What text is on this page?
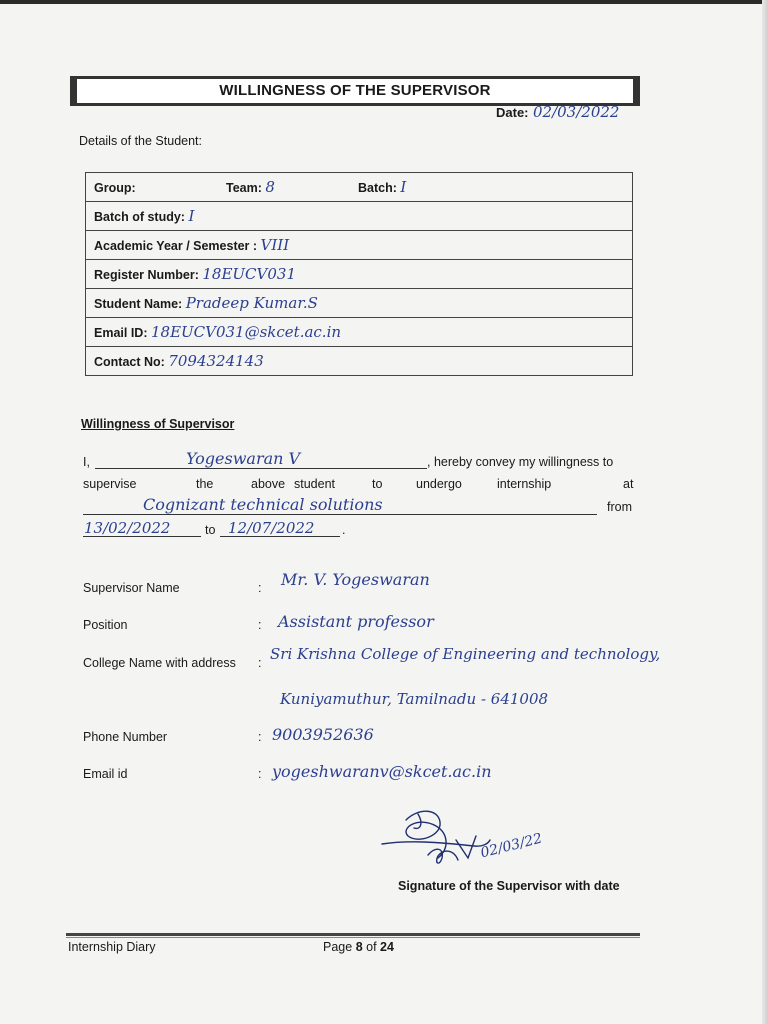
WILLINGNESS OF THE SUPERVISOR
Date: 02/03/2022
Details of the Student:
Group:	Team: 8	Batch: I

Batch of study: I
Academic Year / Semester : VIII
Register Number: 18EUCV031
Student Name: Pradeep Kumar.S
Email ID: 18EUCV031@skcet.ac.in
Contact No: 7094324143
Willingness of Supervisor
I,	Yogeswaran V	, hereby convey my willingness to
supervise	the	above student	to	undergo	internship	at
Cognizant technical solutions	from
13/02/2022	to 12/07/2022 .
Supervisor Name	: Mr. V. Yogeswaran
Position	: Assistant professor
College Name with address : Sri Krishna College of Engineering and technology,
Kuniyamuthur, Tamilnadu - 641008
Phone Number	: 9003952636
Email id	: yogeshwaranv@skcet.ac.in
02/03/22
Signature of the Supervisor with date
Internship Diary	Page 8 of 24
